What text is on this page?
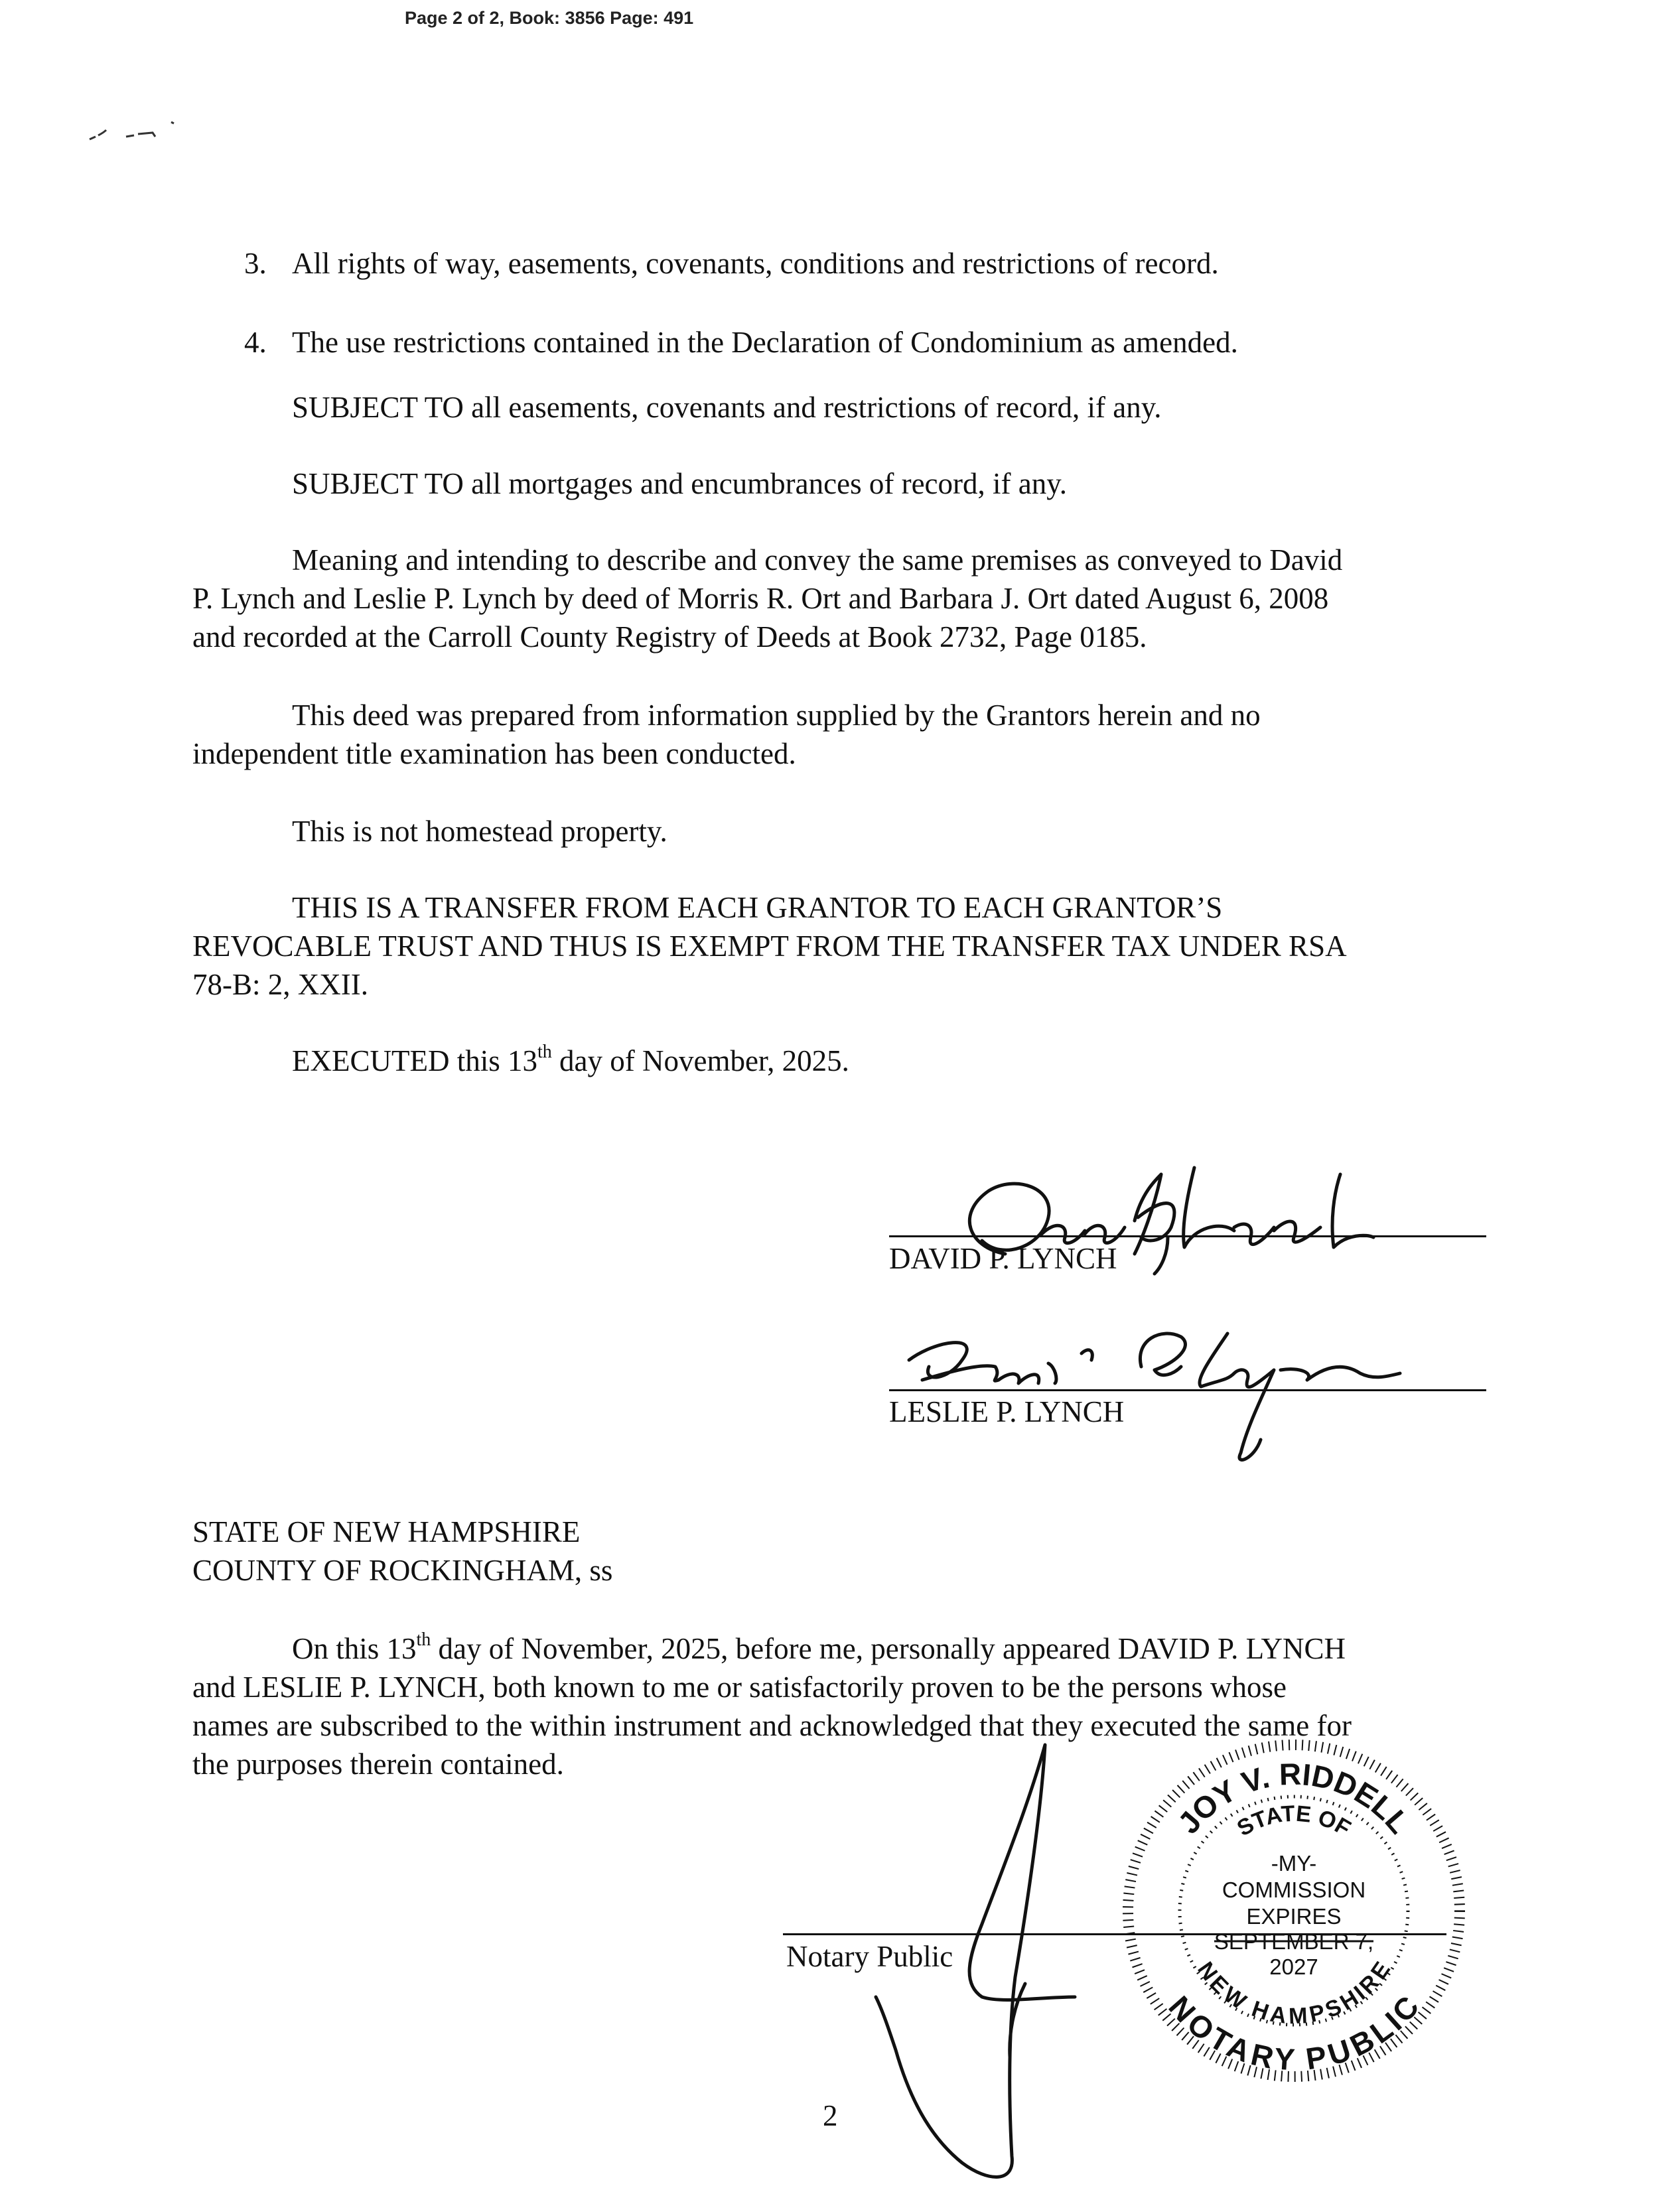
Page 2 of 2, Book: 3856 Page: 491
3. All rights of way, easements, covenants, conditions and restrictions of record.
4. The use restrictions contained in the Declaration of Condominium as amended.
SUBJECT TO all easements, covenants and restrictions of record, if any.
SUBJECT TO all mortgages and encumbrances of record, if any.
Meaning and intending to describe and convey the same premises as conveyed to David
P. Lynch and Leslie P. Lynch by deed of Morris R. Ort and Barbara J. Ort dated August 6, 2008
and recorded at the Carroll County Registry of Deeds at Book 2732, Page 0185.
This deed was prepared from information supplied by the Grantors herein and no
independent title examination has been conducted.
This is not homestead property.
THIS IS A TRANSFER FROM EACH GRANTOR TO EACH GRANTOR’S
REVOCABLE TRUST AND THUS IS EXEMPT FROM THE TRANSFER TAX UNDER RSA
78-B: 2, XXII.
EXECUTED this 13th day of November, 2025.
DAVID P. LYNCH
LESLIE P. LYNCH
STATE OF NEW HAMPSHIRE
COUNTY OF ROCKINGHAM, ss
On this 13th day of November, 2025, before me, personally appeared DAVID P. LYNCH
and LESLIE P. LYNCH, both known to me or satisfactorily proven to be the persons whose
names are subscribed to the within instrument and acknowledged that they executed the same for
the purposes therein contained.
Notary Public
2
JOY V. RIDDELL
NOTARY PUBLIC
STATE OF
NEW HAMPSHIRE
-MY-
COMMISSION
EXPIRES
SEPTEMBER 7,
2027
